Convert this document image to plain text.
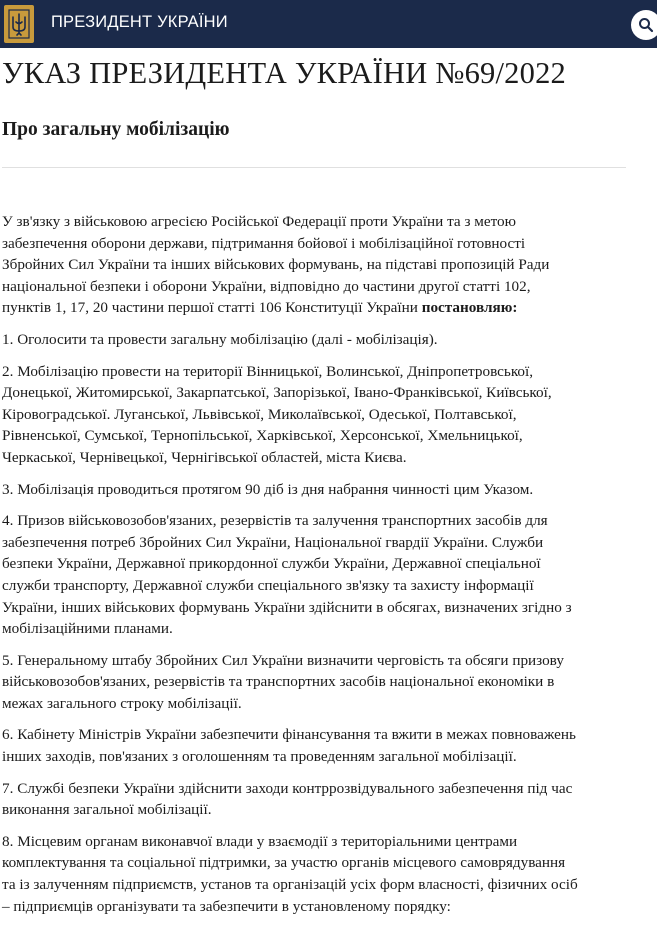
ПРЕЗИДЕНТ УКРАЇНИ
УКАЗ ПРЕЗИДЕНТА УКРАЇНИ №69/2022
Про загальну мобілізацію

У зв'язку з військовою агресією Російської Федерації проти України та з метою
забезпечення оборони держави, підтримання бойової і мобілізаційної готовності
Збройних Сил України та інших військових формувань, на підставі пропозицій Ради
національної безпеки і оборони України, відповідно до частини другої статті 102,
пунктів 1, 17, 20 частини першої статті 106 Конституції України постановляю:

1. Оголосити та провести загальну мобілізацію (далі - мобілізація).

2. Мобілізацію провести на території Вінницької, Волинської, Дніпропетровської,
Донецької, Житомирської, Закарпатської, Запорізької, Івано-Франківської, Київської,
Кіровоградської. Луганської, Львівської, Миколаївської, Одеської, Полтавської,
Рівненської, Сумської, Тернопільської, Харківської, Херсонської, Хмельницької,
Черкаської, Чернівецької, Чернігівської областей, міста Києва.

3. Мобілізація проводиться протягом 90 діб із дня набрання чинності цим Указом.

4. Призов військовозобов'язаних, резервістів та залучення транспортних засобів для
забезпечення потреб Збройних Сил України, Національної гвардії України. Служби
безпеки України, Державної прикордонної служби України, Державної спеціальної
служби транспорту, Державної служби спеціального зв'язку та захисту інформації
України, інших військових формувань України здійснити в обсягах, визначених згідно з
мобілізаційними планами.

5. Генеральному штабу Збройних Сил України визначити черговість та обсяги призову
військовозобов'язаних, резервістів та транспортних засобів національної економіки в
межах загального строку мобілізації.

6. Кабінету Міністрів України забезпечити фінансування та вжити в межах повноважень
інших заходів, пов'язаних з оголошенням та проведенням загальної мобілізації.

7. Службі безпеки України здійснити заходи контррозвідувального забезпечення під час
виконання загальної мобілізації.

8. Місцевим органам виконавчої влади у взаємодії з територіальними центрами
комплектування та соціальної підтримки, за участю органів місцевого самоврядування
та із залученням підприємств, установ та організацій усіх форм власності, фізичних осіб
– підприємців організувати та забезпечити в установленому порядку:
